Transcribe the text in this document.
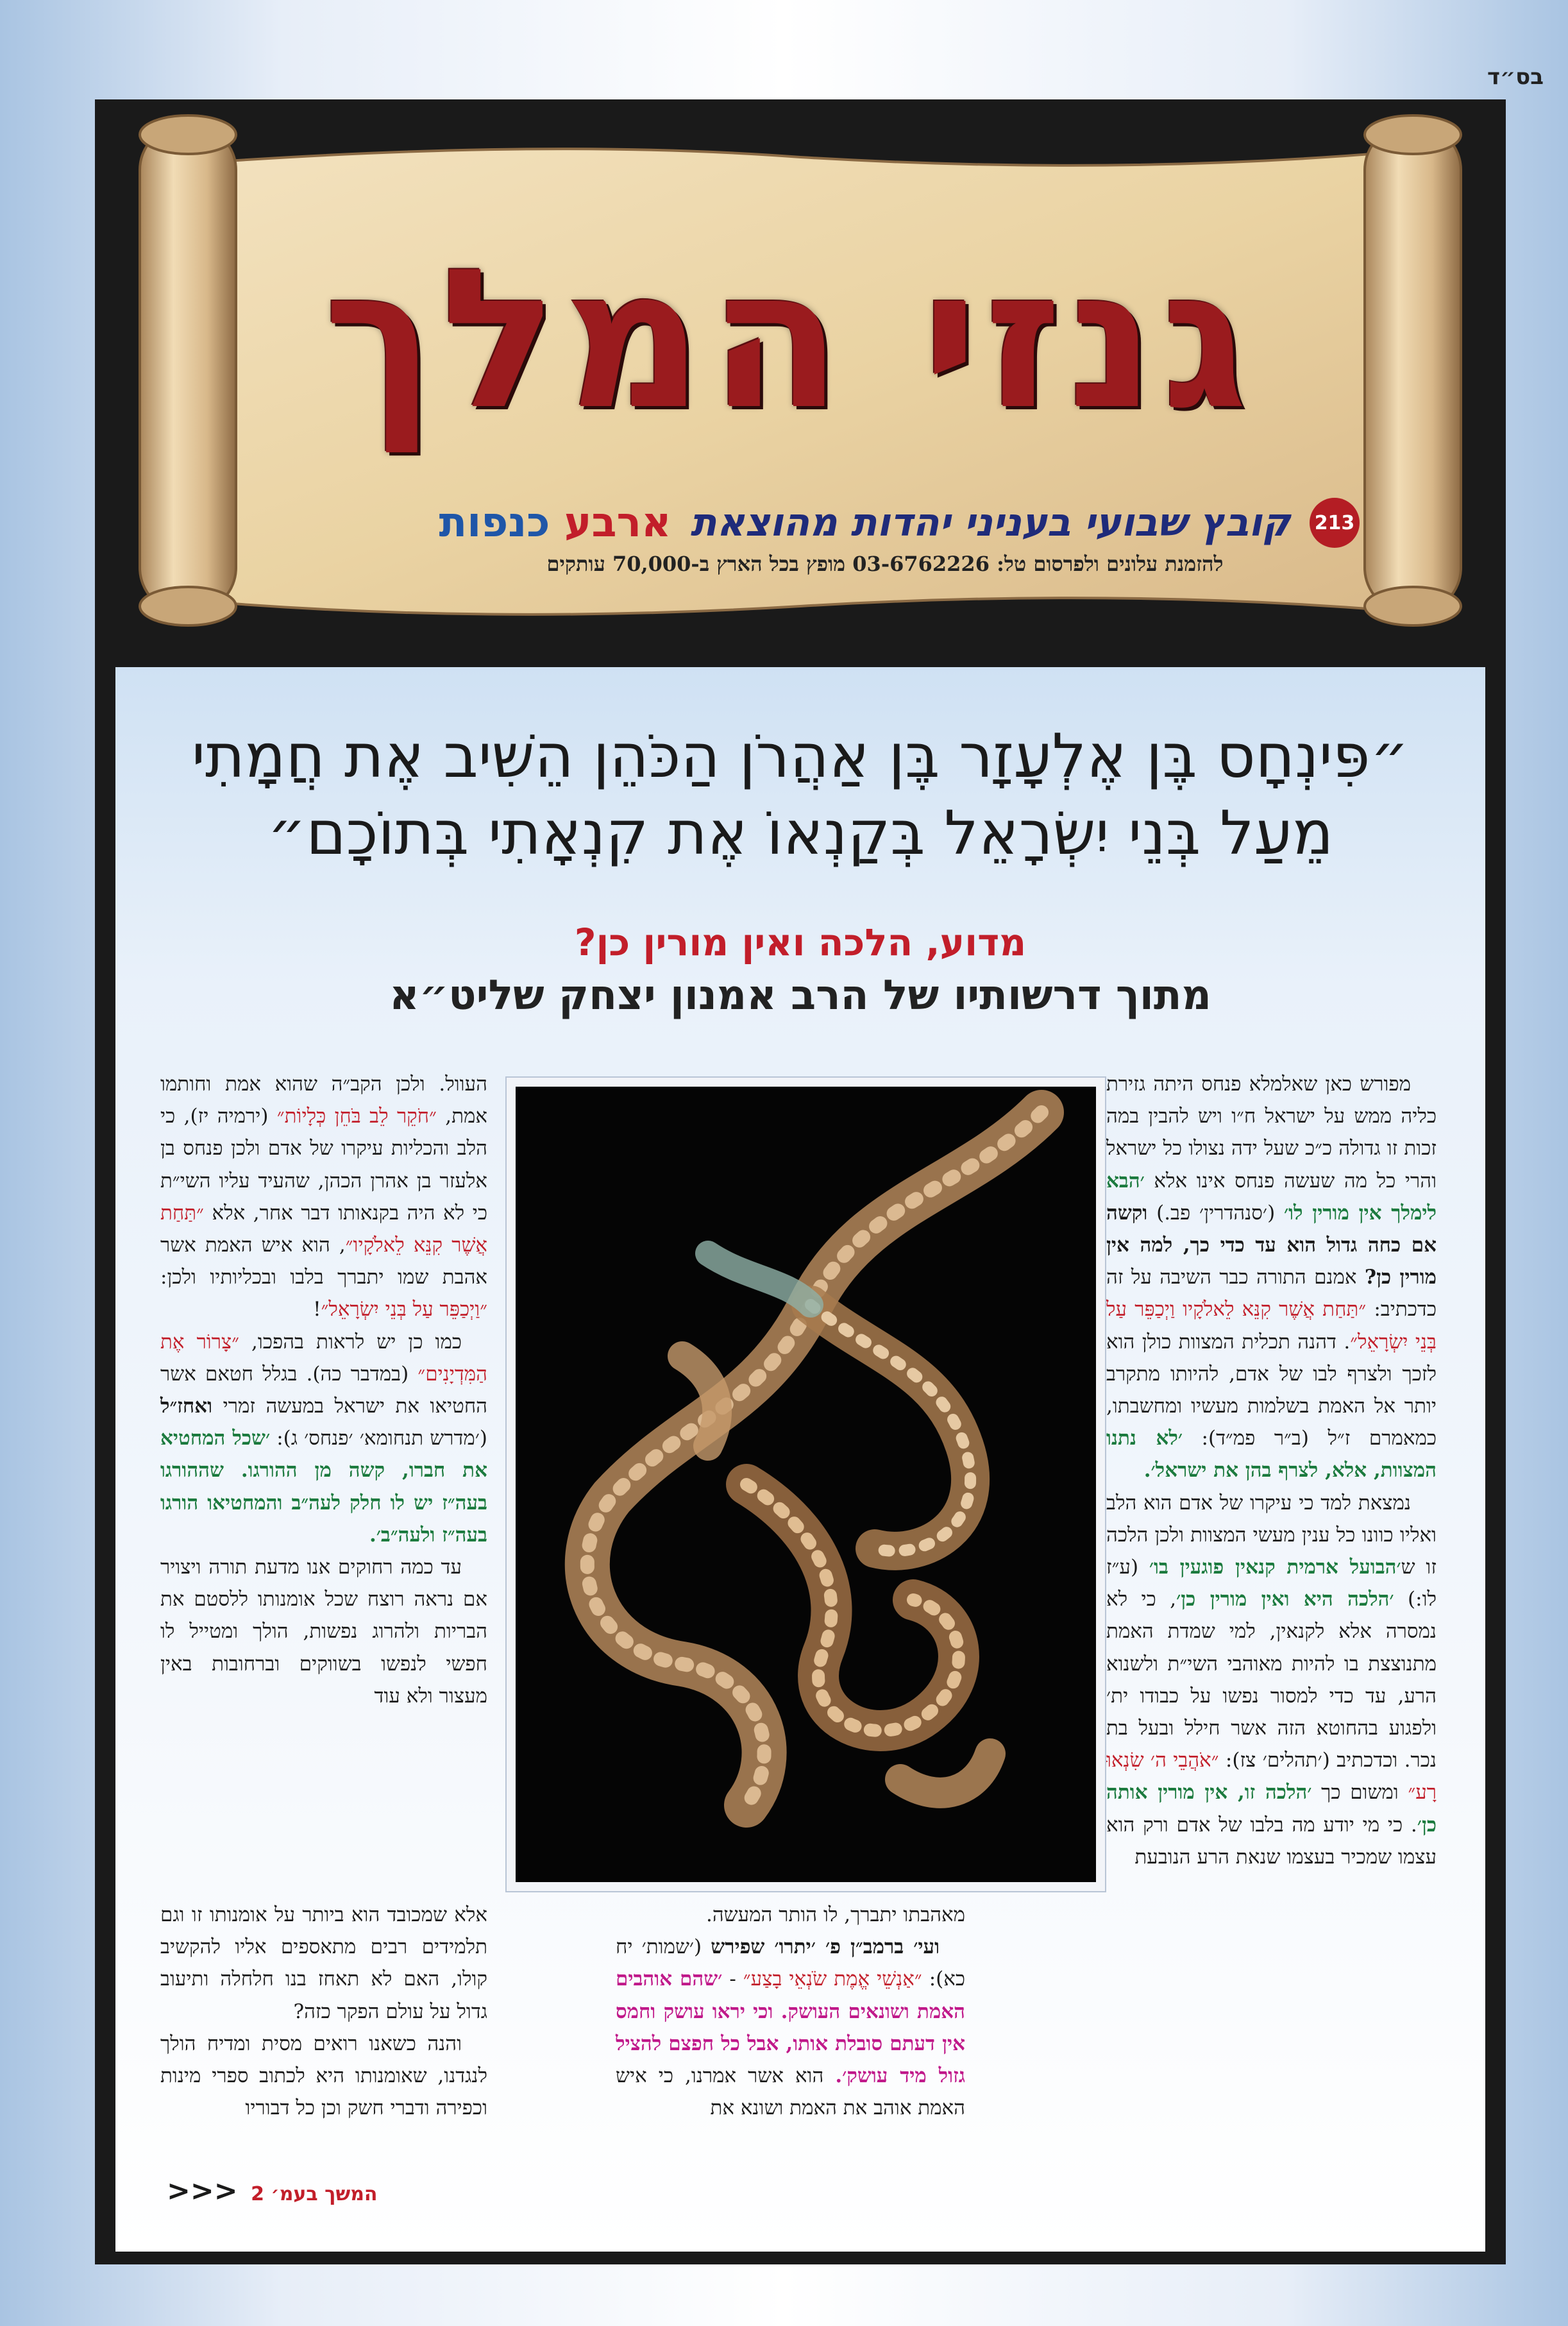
בס״ד
גנזי המלך
213
קובץ שבועי בעניני יהדות מהוצאת
ארבע כנפות
להזמנת עלונים ולפרסום טל: 03-6762226 מופץ בכל הארץ ב-70,000 עותקים
״פִּינְחָס בֶּן אֶלְעָזָר בֶּן אַהֲרֹן הַכֹּהֵן הֵשִׁיב אֶת חֲמָתִי
מֵעַל בְּנֵי יִשְׂרָאֵל בְּקַנְאוֹ אֶת קִנְאָתִי בְּתוֹכָם״
מדוע, הלכה ואין מורין כן?
מתוך דרשותיו של הרב אמנון יצחק שליט״א

מפורש כאן שאלמלא פנחס היתה גזירת כליה ממש על ישראל ח״ו ויש להבין במה זכות זו גדולה כ״כ שעל ידה נצולו כל ישראל והרי כל מה שעשה פנחס אינו אלא ׳הבא לימלך אין מורין לו׳ (׳סנהדרין׳ פב.) וקשה אם כחה גדול הוא עד כדי כך, למה אין מורין כן? אמנם התורה כבר השיבה על זה כדכתיב: ״תַּחַת אֲשֶׁר קִנֵּא לֵאלֹקָיו וַיְכַפֵּר עַל בְּנֵי יִשְׂרָאֵל״. דהנה תכלית המצוות כולן הוא לזכך ולצרף לבו של אדם, להיותו מתקרב יותר אל האמת בשלמות מעשיו ומחשבתו, כמאמרם ז״ל (ב״ר פמ״ד): ׳לא נתנו המצוות, אלא, לצרף בהן את ישראל׳.

נמצאת למד כי עיקרו של אדם הוא הלב ואליו כוונו כל ענין מעשי המצוות ולכן הלכה זו ש׳הבועל ארמית קנאין פוגעין בו׳ (ע״ז לו:) ׳הלכה היא ואין מורין כן׳, כי לא נמסרה אלא לקנאין, למי שמדת האמת מתנוצצת בו להיות מאוהבי השי״ת ולשנוא הרע, עד כדי למסור נפשו על כבודו ית׳ ולפגוע בהחוטא הזה אשר חילל ובעל בת נכר. וכדכתיב (׳תהלים׳ צז): ״אֹהֲבֵי ה׳ שִׂנְאוּ רָע״ ומשום כך ׳הלכה זו, אין מורין אותה כן׳. כי מי יודע מה בלבו של אדם ורק הוא עצמו שמכיר בעצמו שנאת הרע הנובעת

העוול. ולכן הקב״ה שהוא אמת וחותמו אמת, ״חֹקֵר לֵב בֹּחֵן כְּלָיוֹת״ (ירמיה יז), כי הלב והכליות עיקרו של אדם ולכן פנחס בן אלעזר בן אהרן הכהן, שהעיד עליו השי״ת כי לא היה בקנאותו דבר אחר, אלא ״תַּחַת אֲשֶׁר קִנֵּא לֵאלֹקָיו״, הוא איש האמת אשר אהבת שמו יתברך בלבו ובכליותיו ולכן: ״וַיְכַפֵּר עַל בְּנֵי יִשְׂרָאֵל״!

כמו כן יש לראות בהפכו, ״צָרוֹר אֶת הַמִּדְיָנִים״ (במדבר כה). בגלל חטאם אשר החטיאו את ישראל במעשה זמרי ואחז״ל (׳מדרש תנחומא׳ ׳פנחס׳ ג): ׳שכל המחטיא את חברו, קשה מן ההורגו. שההורגו בעה״ז יש לו חלק לעה״ב והמחטיאו הורגו בעה״ז ולעה״ב׳.

עד כמה רחוקים אנו מדעת תורה ויצויר אם נראה רוצח שכל אומנותו ללסטם את הבריות ולהרוג נפשות, הולך ומטייל לו חפשי לנפשו בשווקים וברחובות באין מעצור ולא עוד

מאהבתו יתברך, לו הותר המעשה.

ועי׳ ברמב״ן פ׳ ׳יתרו׳ שפירש (׳שמות׳ יח כא): ״אַנְשֵׁי אֱמֶת שֹׂנְאֵי בָצַע״ - ׳שהם אוהבים האמת ושונאים העושק. וכי יראו עושק וחמס אין דעתם סובלת אותו, אבל כל חפצם להציל גזול מיד עושק׳. הוא אשר אמרנו, כי איש האמת אוהב את האמת ושונא את

אלא שמכובד הוא ביותר על אומנותו זו וגם תלמידים רבים מתאספים אליו להקשיב קולו, האם לא תאחז בנו חלחלה ותיעוב גדול על עולם הפקר כזה?

והנה כשאנו רואים מסית ומדיח הולך לנגדנו, שאומנותו היא לכתוב ספרי מינות וכפירה ודברי חשק וכן כל דבוריו

המשך בעמ׳ 2 <<<
